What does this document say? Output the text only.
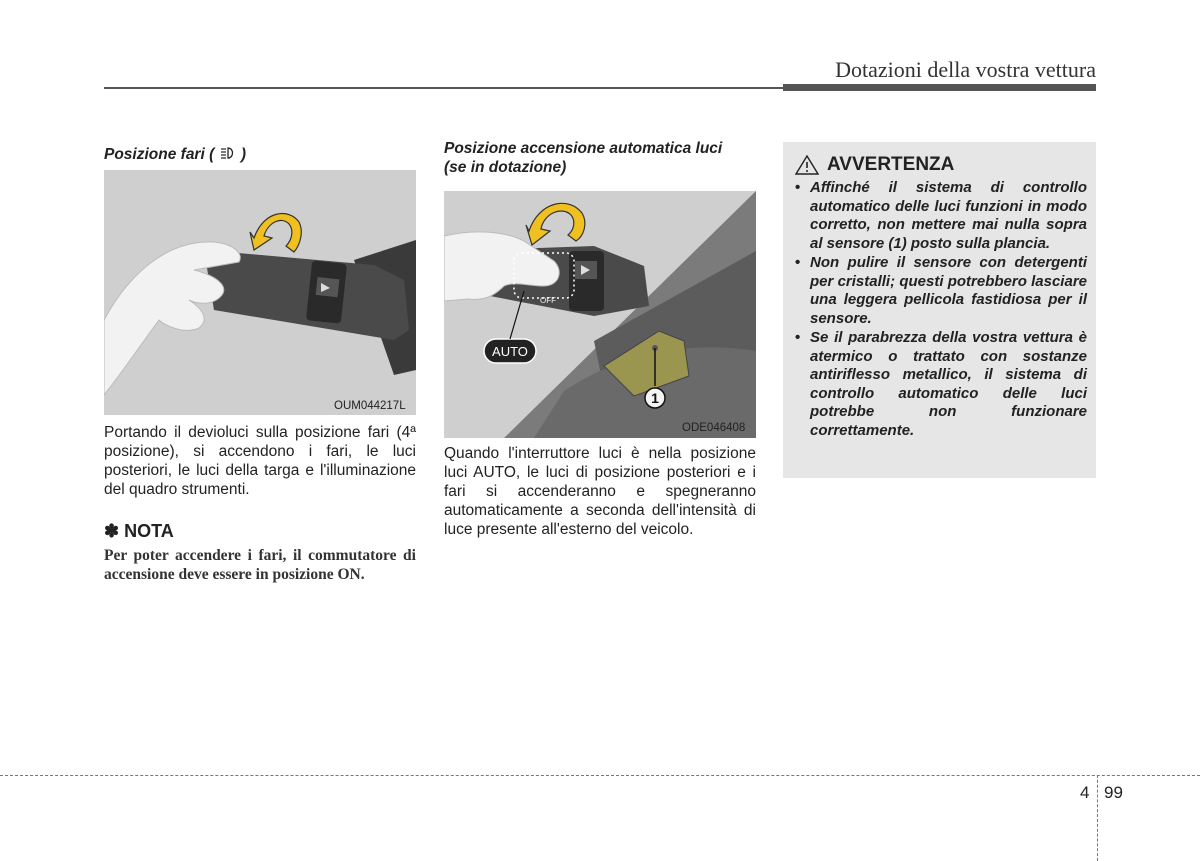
Dotazioni della vostra vettura
Posizione fari ( )
OUM044217L
Portando il devioluci sulla posizione fari (4ª posizione), si accendono i fari, le luci posteriori, le luci della targa e l'illuminazione del quadro strumenti.
✽ NOTA
Per poter accendere i fari, il commutatore di accensione deve essere in posizione ON.
Posizione accensione automatica luci
(se in dotazione)
1
OFF
AUTO
ODE046408
Quando l'interruttore luci è nella posizione luci AUTO, le luci di posizione posteriori e i fari si accenderanno e spegneranno automaticamente a seconda dell'intensità di luce presente all'esterno del veicolo.
AVVERTENZA
• Affinché il sistema di controllo automatico delle luci funzioni in modo corretto, non mettere mai nulla sopra al sensore (1) posto sulla plancia.
• Non pulire il sensore con detergenti per cristalli; questi potrebbero lasciare una leggera pellicola fastidiosa per il sensore.
• Se il parabrezza della vostra vettura è atermico o trattato con sostanze antiriflesso metallico, il sistema di controllo automatico delle luci potrebbe non funzionare correttamente.
4 99
